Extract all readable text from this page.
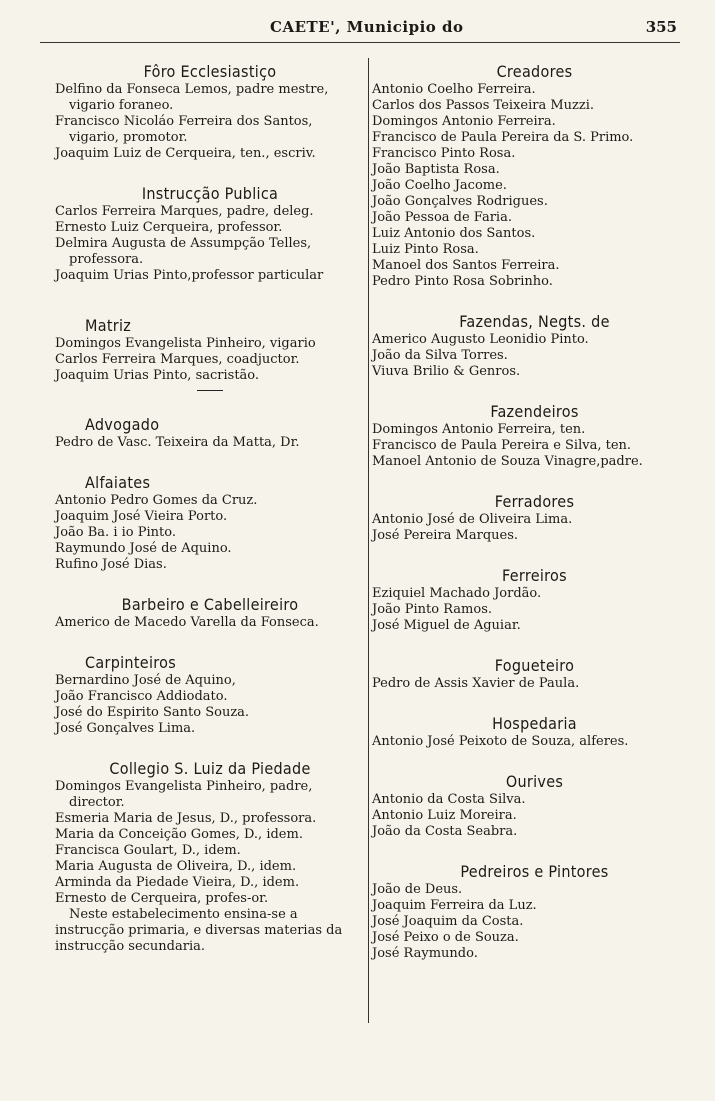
CAETE', Municipio do	355
Fôro Ecclesiastiço

Delfino da Fonseca Lemos, padre mestre, vigario foraneo.

Francisco Nicoláo Ferreira dos Santos, vigario, promotor.

Joaquim Luiz de Cerqueira, ten., escriv.

Instrucção Publica

Carlos Ferreira Marques, padre, deleg.

Ernesto Luiz Cerqueira, professor.

Delmira Augusta de Assumpção Telles, professora.

Joaquim Urias Pinto,professor particular

Matriz

Domingos Evangelista Pinheiro, vigario

Carlos Ferreira Marques, coadjuctor.

Joaquim Urias Pinto, sacristão.

Advogado

Pedro de Vasc. Teixeira da Matta, Dr.

Alfaiates

Antonio Pedro Gomes da Cruz.

Joaquim José Vieira Porto.

João Ba. i io Pinto.

Raymundo José de Aquino.

Rufino José Dias.

Barbeiro e Cabelleireiro

Americo de Macedo Varella da Fonseca.

Carpinteiros

Bernardino José de Aquino,

João Francisco Addiodato.

José do Espirito Santo Souza.

José Gonçalves Lima.

Collegio S. Luiz da Piedade

Domingos Evangelista Pinheiro, padre, director.

Esmeria Maria de Jesus, D., professora.

Maria da Conceição Gomes, D., idem.

Francisca Goulart, D., idem.

Maria Augusta de Oliveira, D., idem.

Arminda da Piedade Vieira, D., idem.

Ernesto de Cerqueira, profes-or.

Neste estabelecimento ensina-se a instrucção primaria, e diversas materias da instrucção secundaria.

Creadores

Antonio Coelho Ferreira.

Carlos dos Passos Teixeira Muzzi.

Domingos Antonio Ferreira.

Francisco de Paula Pereira da S. Primo.

Francisco Pinto Rosa.

João Baptista Rosa.

João Coelho Jacome.

João Gonçalves Rodrigues.

João Pessoa de Faria.

Luiz Antonio dos Santos.

Luiz Pinto Rosa.

Manoel dos Santos Ferreira.

Pedro Pinto Rosa Sobrinho.

Fazendas, Negts. de

Americo Augusto Leonidio Pinto.

João da Silva Torres.

Viuva Brilio & Genros.

Fazendeiros

Domingos Antonio Ferreira, ten.

Francisco de Paula Pereira e Silva, ten.

Manoel Antonio de Souza Vinagre,padre.

Ferradores

Antonio José de Oliveira Lima.

José Pereira Marques.

Ferreiros

Eziquiel Machado Jordão.

João Pinto Ramos.

José Miguel de Aguiar.

Fogueteiro

Pedro de Assis Xavier de Paula.

Hospedaria

Antonio José Peixoto de Souza, alferes.

Ourives

Antonio da Costa Silva.

Antonio Luiz Moreira.

João da Costa Seabra.

Pedreiros e Pintores

João de Deus.

Joaquim Ferreira da Luz.

José Joaquim da Costa.

José Peixo o de Souza.

José Raymundo.
